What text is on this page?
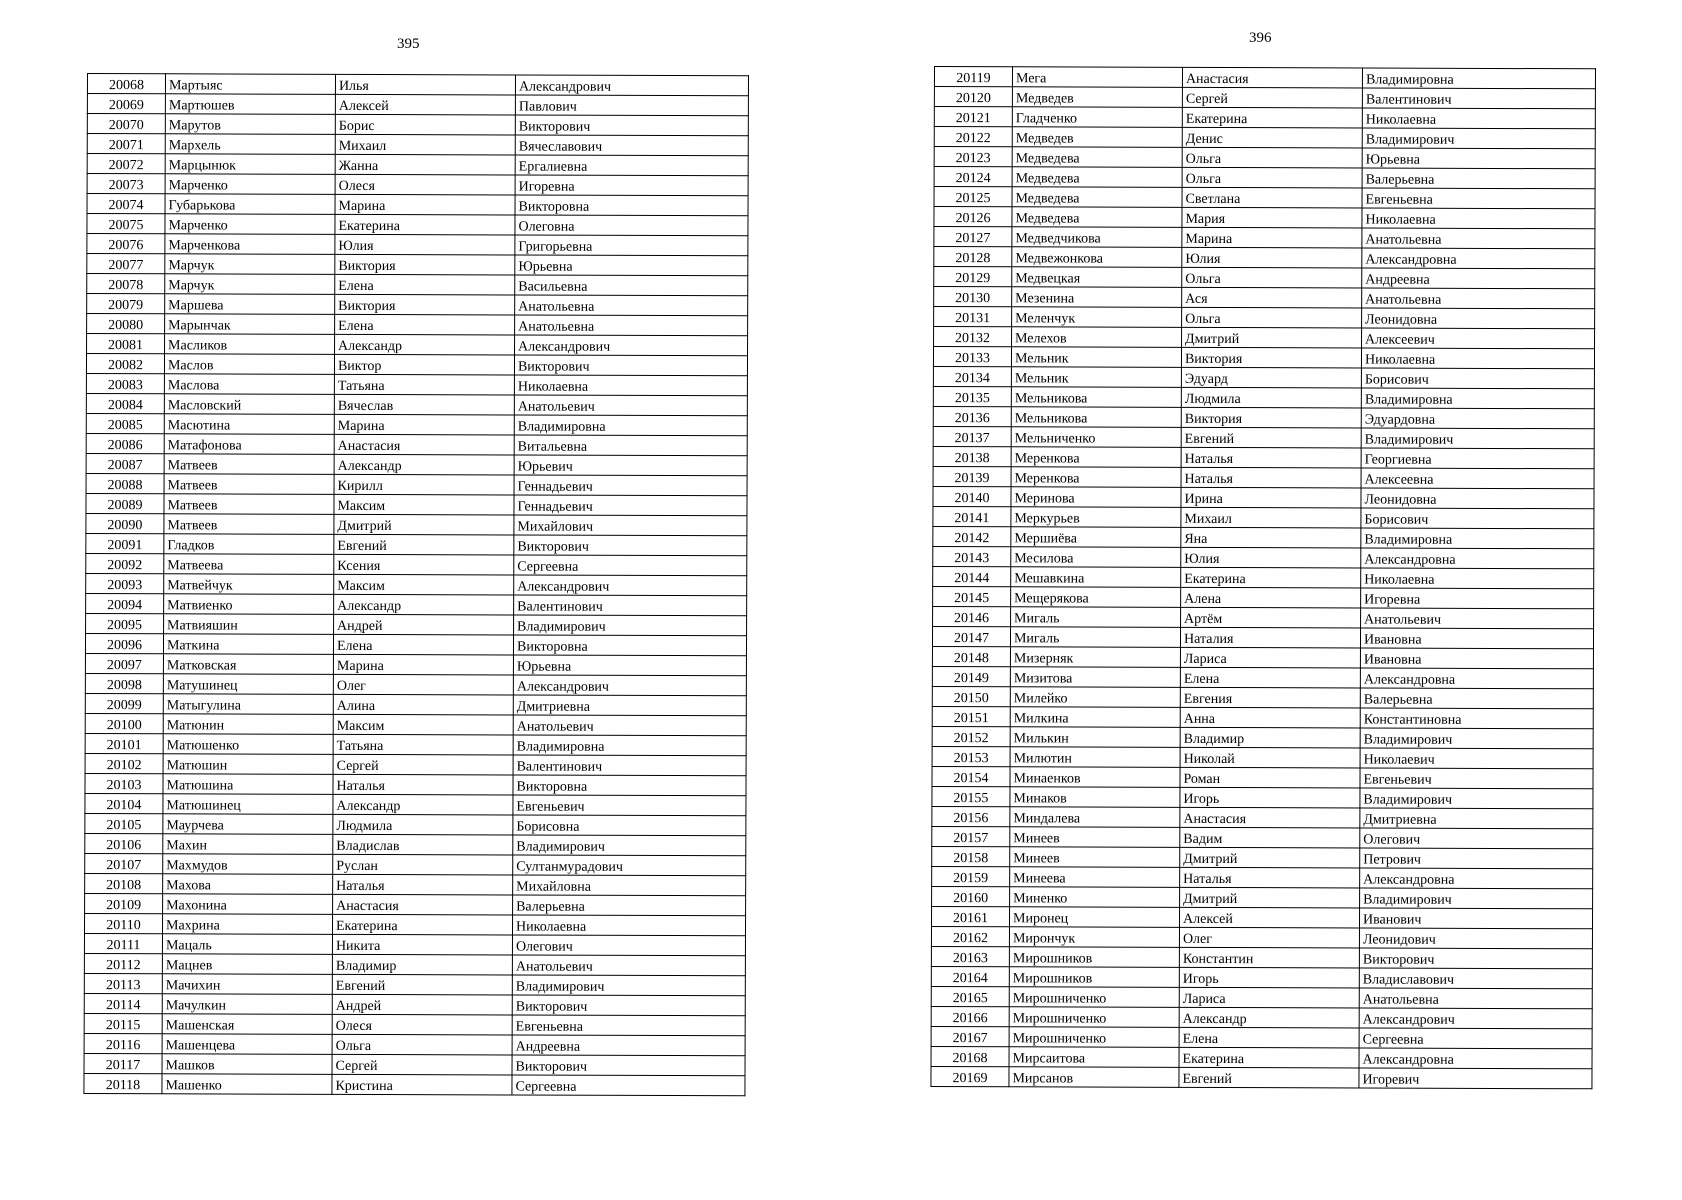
395
20068	Мартыяс	Илья	Александрович
20069	Мартюшев	Алексей	Павлович
20070	Марутов	Борис	Викторович
20071	Мархель	Михаил	Вячеславович
20072	Марцынюк	Жанна	Ергалиевна
20073	Марченко	Олеся	Игоревна
20074	Губарькова	Марина	Викторовна
20075	Марченко	Екатерина	Олеговна
20076	Марченкова	Юлия	Григорьевна
20077	Марчук	Виктория	Юрьевна
20078	Марчук	Елена	Васильевна
20079	Маршева	Виктория	Анатольевна
20080	Марынчак	Елена	Анатольевна
20081	Масликов	Александр	Александрович
20082	Маслов	Виктор	Викторович
20083	Маслова	Татьяна	Николаевна
20084	Масловский	Вячеслав	Анатольевич
20085	Масютина	Марина	Владимировна
20086	Матафонова	Анастасия	Витальевна
20087	Матвеев	Александр	Юрьевич
20088	Матвеев	Кирилл	Геннадьевич
20089	Матвеев	Максим	Геннадьевич
20090	Матвеев	Дмитрий	Михайлович
20091	Гладков	Евгений	Викторович
20092	Матвеева	Ксения	Сергеевна
20093	Матвейчук	Максим	Александрович
20094	Матвиенко	Александр	Валентинович
20095	Матвияшин	Андрей	Владимирович
20096	Маткина	Елена	Викторовна
20097	Матковская	Марина	Юрьевна
20098	Матушинец	Олег	Александрович
20099	Матыгулина	Алина	Дмитриевна
20100	Матюнин	Максим	Анатольевич
20101	Матюшенко	Татьяна	Владимировна
20102	Матюшин	Сергей	Валентинович
20103	Матюшина	Наталья	Викторовна
20104	Матюшинец	Александр	Евгеньевич
20105	Маурчева	Людмила	Борисовна
20106	Махин	Владислав	Владимирович
20107	Махмудов	Руслан	Султанмурадович
20108	Махова	Наталья	Михайловна
20109	Махонина	Анастасия	Валерьевна
20110	Махрина	Екатерина	Николаевна
20111	Мацаль	Никита	Олегович
20112	Мацнев	Владимир	Анатольевич
20113	Мачихин	Евгений	Владимирович
20114	Мачулкин	Андрей	Викторович
20115	Машенская	Олеся	Евгеньевна
20116	Машенцева	Ольга	Андреевна
20117	Машков	Сергей	Викторович
20118	Машенко	Кристина	Сергеевна
396
20119	Мега	Анастасия	Владимировна
20120	Медведев	Сергей	Валентинович
20121	Гладченко	Екатерина	Николаевна
20122	Медведев	Денис	Владимирович
20123	Медведева	Ольга	Юрьевна
20124	Медведева	Ольга	Валерьевна
20125	Медведева	Светлана	Евгеньевна
20126	Медведева	Мария	Николаевна
20127	Медведчикова	Марина	Анатольевна
20128	Медвежонкова	Юлия	Александровна
20129	Медвецкая	Ольга	Андреевна
20130	Мезенина	Ася	Анатольевна
20131	Меленчук	Ольга	Леонидовна
20132	Мелехов	Дмитрий	Алексеевич
20133	Мельник	Виктория	Николаевна
20134	Мельник	Эдуард	Борисович
20135	Мельникова	Людмила	Владимировна
20136	Мельникова	Виктория	Эдуардовна
20137	Мельниченко	Евгений	Владимирович
20138	Меренкова	Наталья	Георгиевна
20139	Меренкова	Наталья	Алексеевна
20140	Меринова	Ирина	Леонидовна
20141	Меркурьев	Михаил	Борисович
20142	Мершиёва	Яна	Владимировна
20143	Месилова	Юлия	Александровна
20144	Мешавкина	Екатерина	Николаевна
20145	Мещерякова	Алена	Игоревна
20146	Мигаль	Артём	Анатольевич
20147	Мигаль	Наталия	Ивановна
20148	Мизерняк	Лариса	Ивановна
20149	Мизитова	Елена	Александровна
20150	Милейко	Евгения	Валерьевна
20151	Милкина	Анна	Константиновна
20152	Милькин	Владимир	Владимирович
20153	Милютин	Николай	Николаевич
20154	Минаенков	Роман	Евгеньевич
20155	Минаков	Игорь	Владимирович
20156	Миндалева	Анастасия	Дмитриевна
20157	Минеев	Вадим	Олегович
20158	Минеев	Дмитрий	Петрович
20159	Минеева	Наталья	Александровна
20160	Миненко	Дмитрий	Владимирович
20161	Миронец	Алексей	Иванович
20162	Мирончук	Олег	Леонидович
20163	Мирошников	Константин	Викторович
20164	Мирошников	Игорь	Владиславович
20165	Мирошниченко	Лариса	Анатольевна
20166	Мирошниченко	Александр	Александрович
20167	Мирошниченко	Елена	Сергеевна
20168	Мирсаитова	Екатерина	Александровна
20169	Мирсанов	Евгений	Игоревич
